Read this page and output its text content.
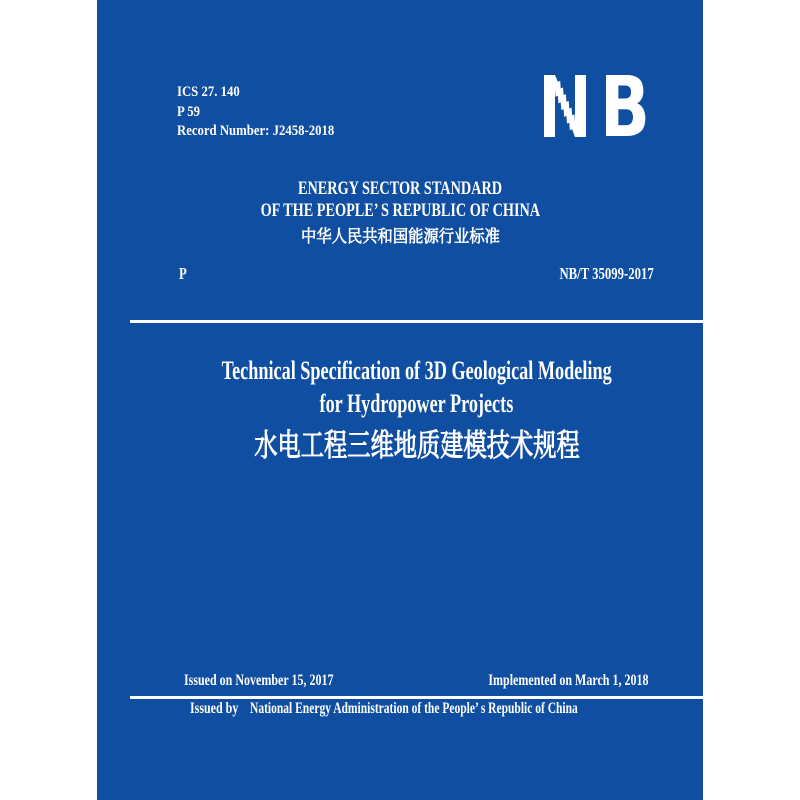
ICS 27. 140
P 59
Record Number: J2458-2018	B
ENERGY SECTOR STANDARD
OF THE PEOPLE’ S REPUBLIC OF CHINA
中华人民共和国能源行业标准
P	NB/T 35099-2017
Technical Specification of 3D Geological Modeling
for Hydropower Projects
水电工程三维地质建模技术规程
Issued on November 15, 2017	Implemented on March 1, 2018
Issued by National Energy Administration of the People’ s Republic of China
